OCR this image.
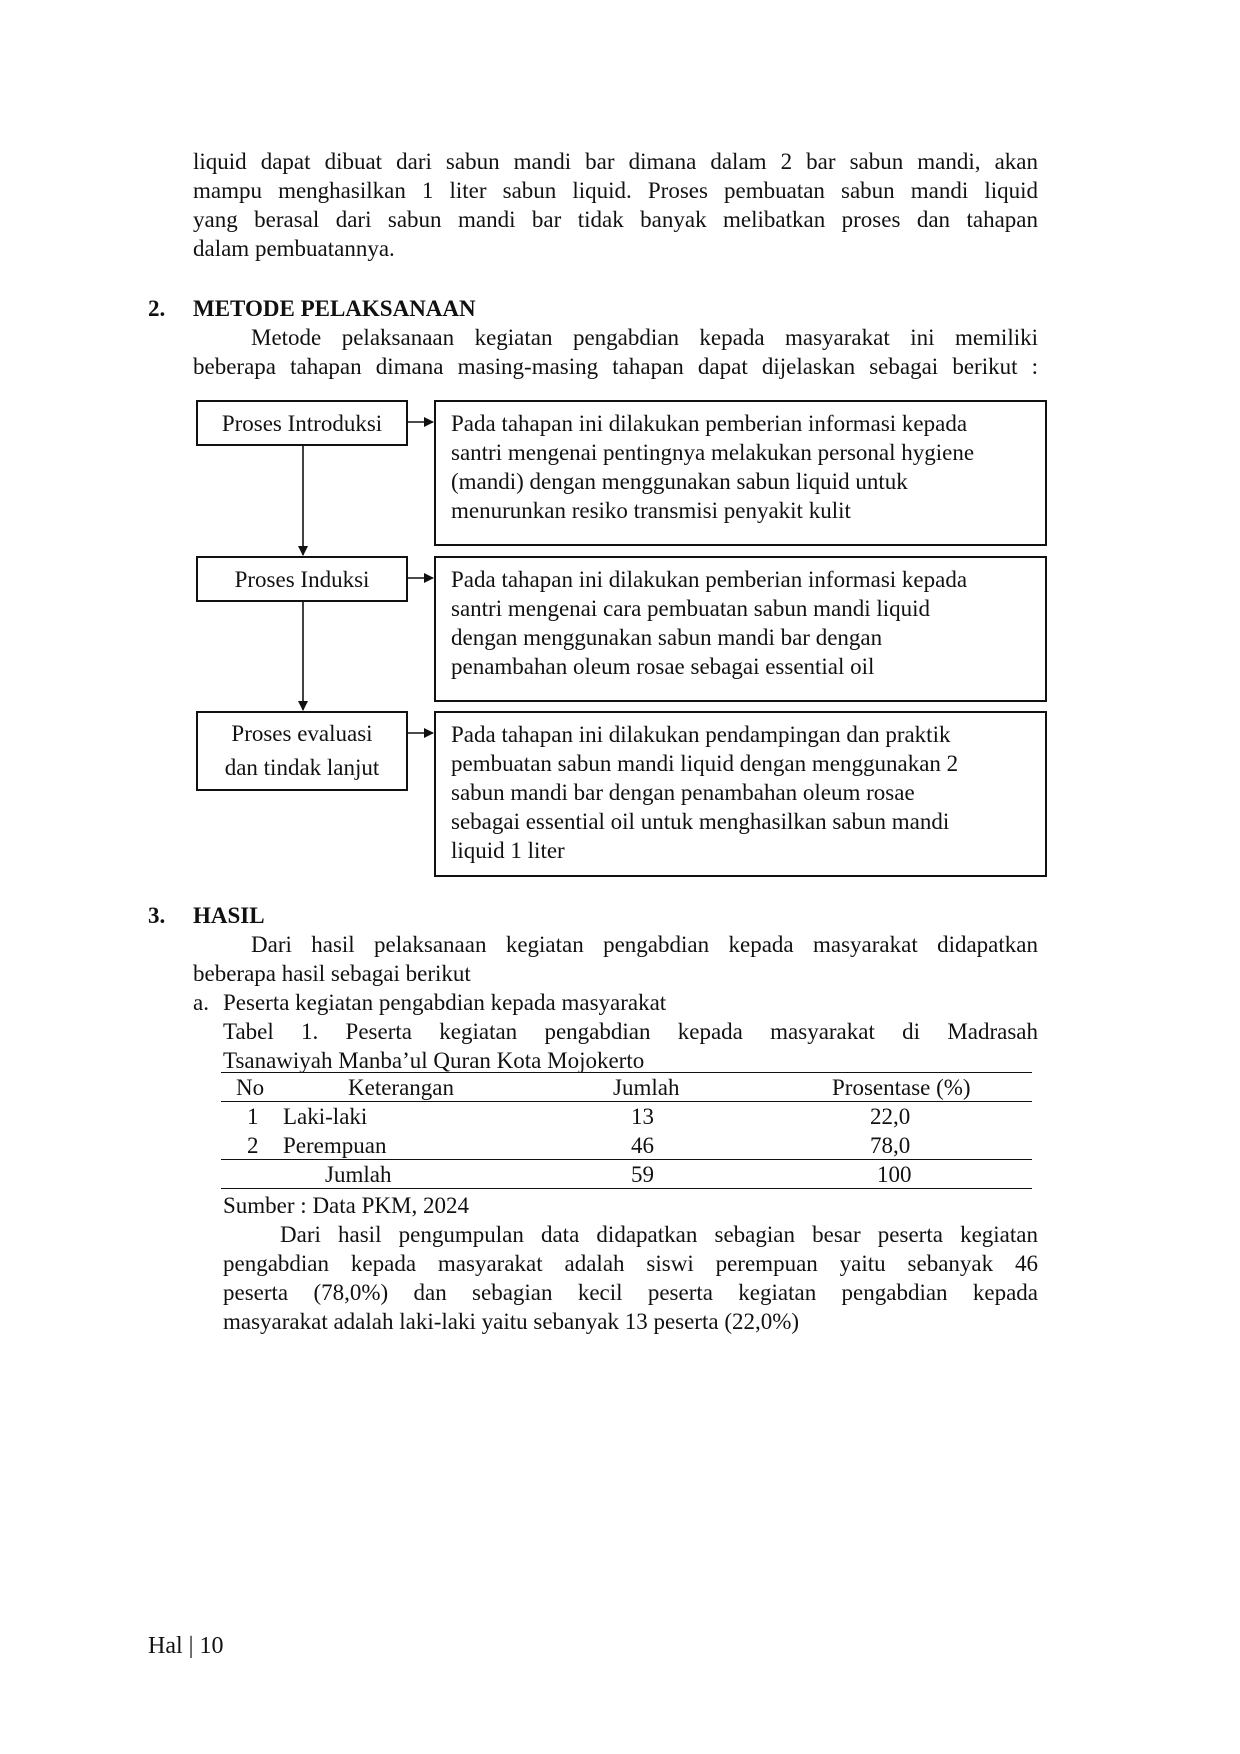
liquid dapat dibuat dari sabun mandi bar dimana dalam 2 bar sabun mandi, akan
mampu menghasilkan 1 liter sabun liquid. Proses pembuatan sabun mandi liquid
yang berasal dari sabun mandi bar tidak banyak melibatkan proses dan tahapan
dalam pembuatannya.
2. METODE PELAKSANAAN
Metode pelaksanaan kegiatan pengabdian kepada masyarakat ini memiliki
beberapa tahapan dimana masing-masing tahapan dapat dijelaskan sebagai berikut :
Proses Introduksi
Proses Induksi
Proses evaluasi
dan tindak lanjut
Pada tahapan ini dilakukan pemberian informasi kepada
santri mengenai pentingnya melakukan personal hygiene
(mandi) dengan menggunakan sabun liquid untuk
menurunkan resiko transmisi penyakit kulit
Pada tahapan ini dilakukan pemberian informasi kepada
santri mengenai cara pembuatan sabun mandi liquid
dengan menggunakan sabun mandi bar dengan
penambahan oleum rosae sebagai essential oil
Pada tahapan ini dilakukan pendampingan dan praktik
pembuatan sabun mandi liquid dengan menggunakan 2
sabun mandi bar dengan penambahan oleum rosae
sebagai essential oil untuk menghasilkan sabun mandi
liquid 1 liter
3. HASIL
Dari hasil pelaksanaan kegiatan pengabdian kepada masyarakat didapatkan
beberapa hasil sebagai berikut
a. Peserta kegiatan pengabdian kepada masyarakat
Tabel 1. Peserta kegiatan pengabdian kepada masyarakat di Madrasah
Tsanawiyah Manba’ul Quran Kota Mojokerto
No	Keterangan	Jumlah	Prosentase (%)
1	Laki-laki	13	22,0
2	Perempuan	46	78,0
	Jumlah	59	100
Sumber : Data PKM, 2024
Dari hasil pengumpulan data didapatkan sebagian besar peserta kegiatan
pengabdian kepada masyarakat adalah siswi perempuan yaitu sebanyak 46
peserta (78,0%) dan sebagian kecil peserta kegiatan pengabdian kepada
masyarakat adalah laki-laki yaitu sebanyak 13 peserta (22,0%)
Hal | 10
